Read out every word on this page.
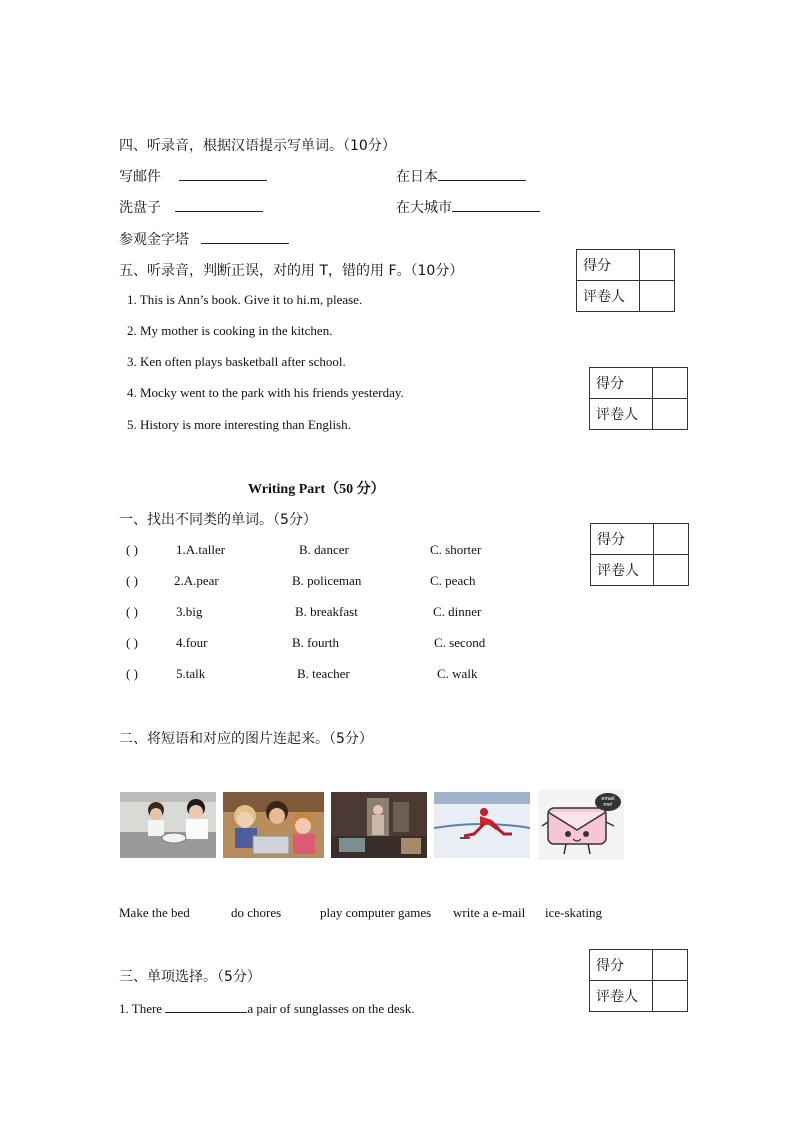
四、听录音，根据汉语提示写单词。（10分）
写邮件	在日本
洗盘子	在大城市
参观金字塔
得分	
评卷人	
五、听录音，判断正误，对的用 T，错的用 F。（10分）
1. This is Ann’s book. Give it to hi.m, please.
2. My mother is cooking in the kitchen.
3. Ken often plays basketball after school.
4. Mocky went to the park with his friends yesterday.
5. History is more interesting than English.
得分	
评卷人	
Writing Part（50 分）
一、找出不同类的单词。（5分）
得分	
评卷人	
( )	1.A.taller	B. dancer	C. shorter
( )	2.A.pear	B. policeman	C. peach
( )	3.big	B. breakfast	C. dinner
( )	4.four	B. fourth	C. second
( )	5.talk	B. teacher	C. walk
二、将短语和对应的图片连起来。（5分）
email
me!
Make the bed	do chores	play computer games write a e-mail ice-skating
三、单项选择。（5分）
得分	
评卷人	
1. There	a pair of sunglasses on the desk.
